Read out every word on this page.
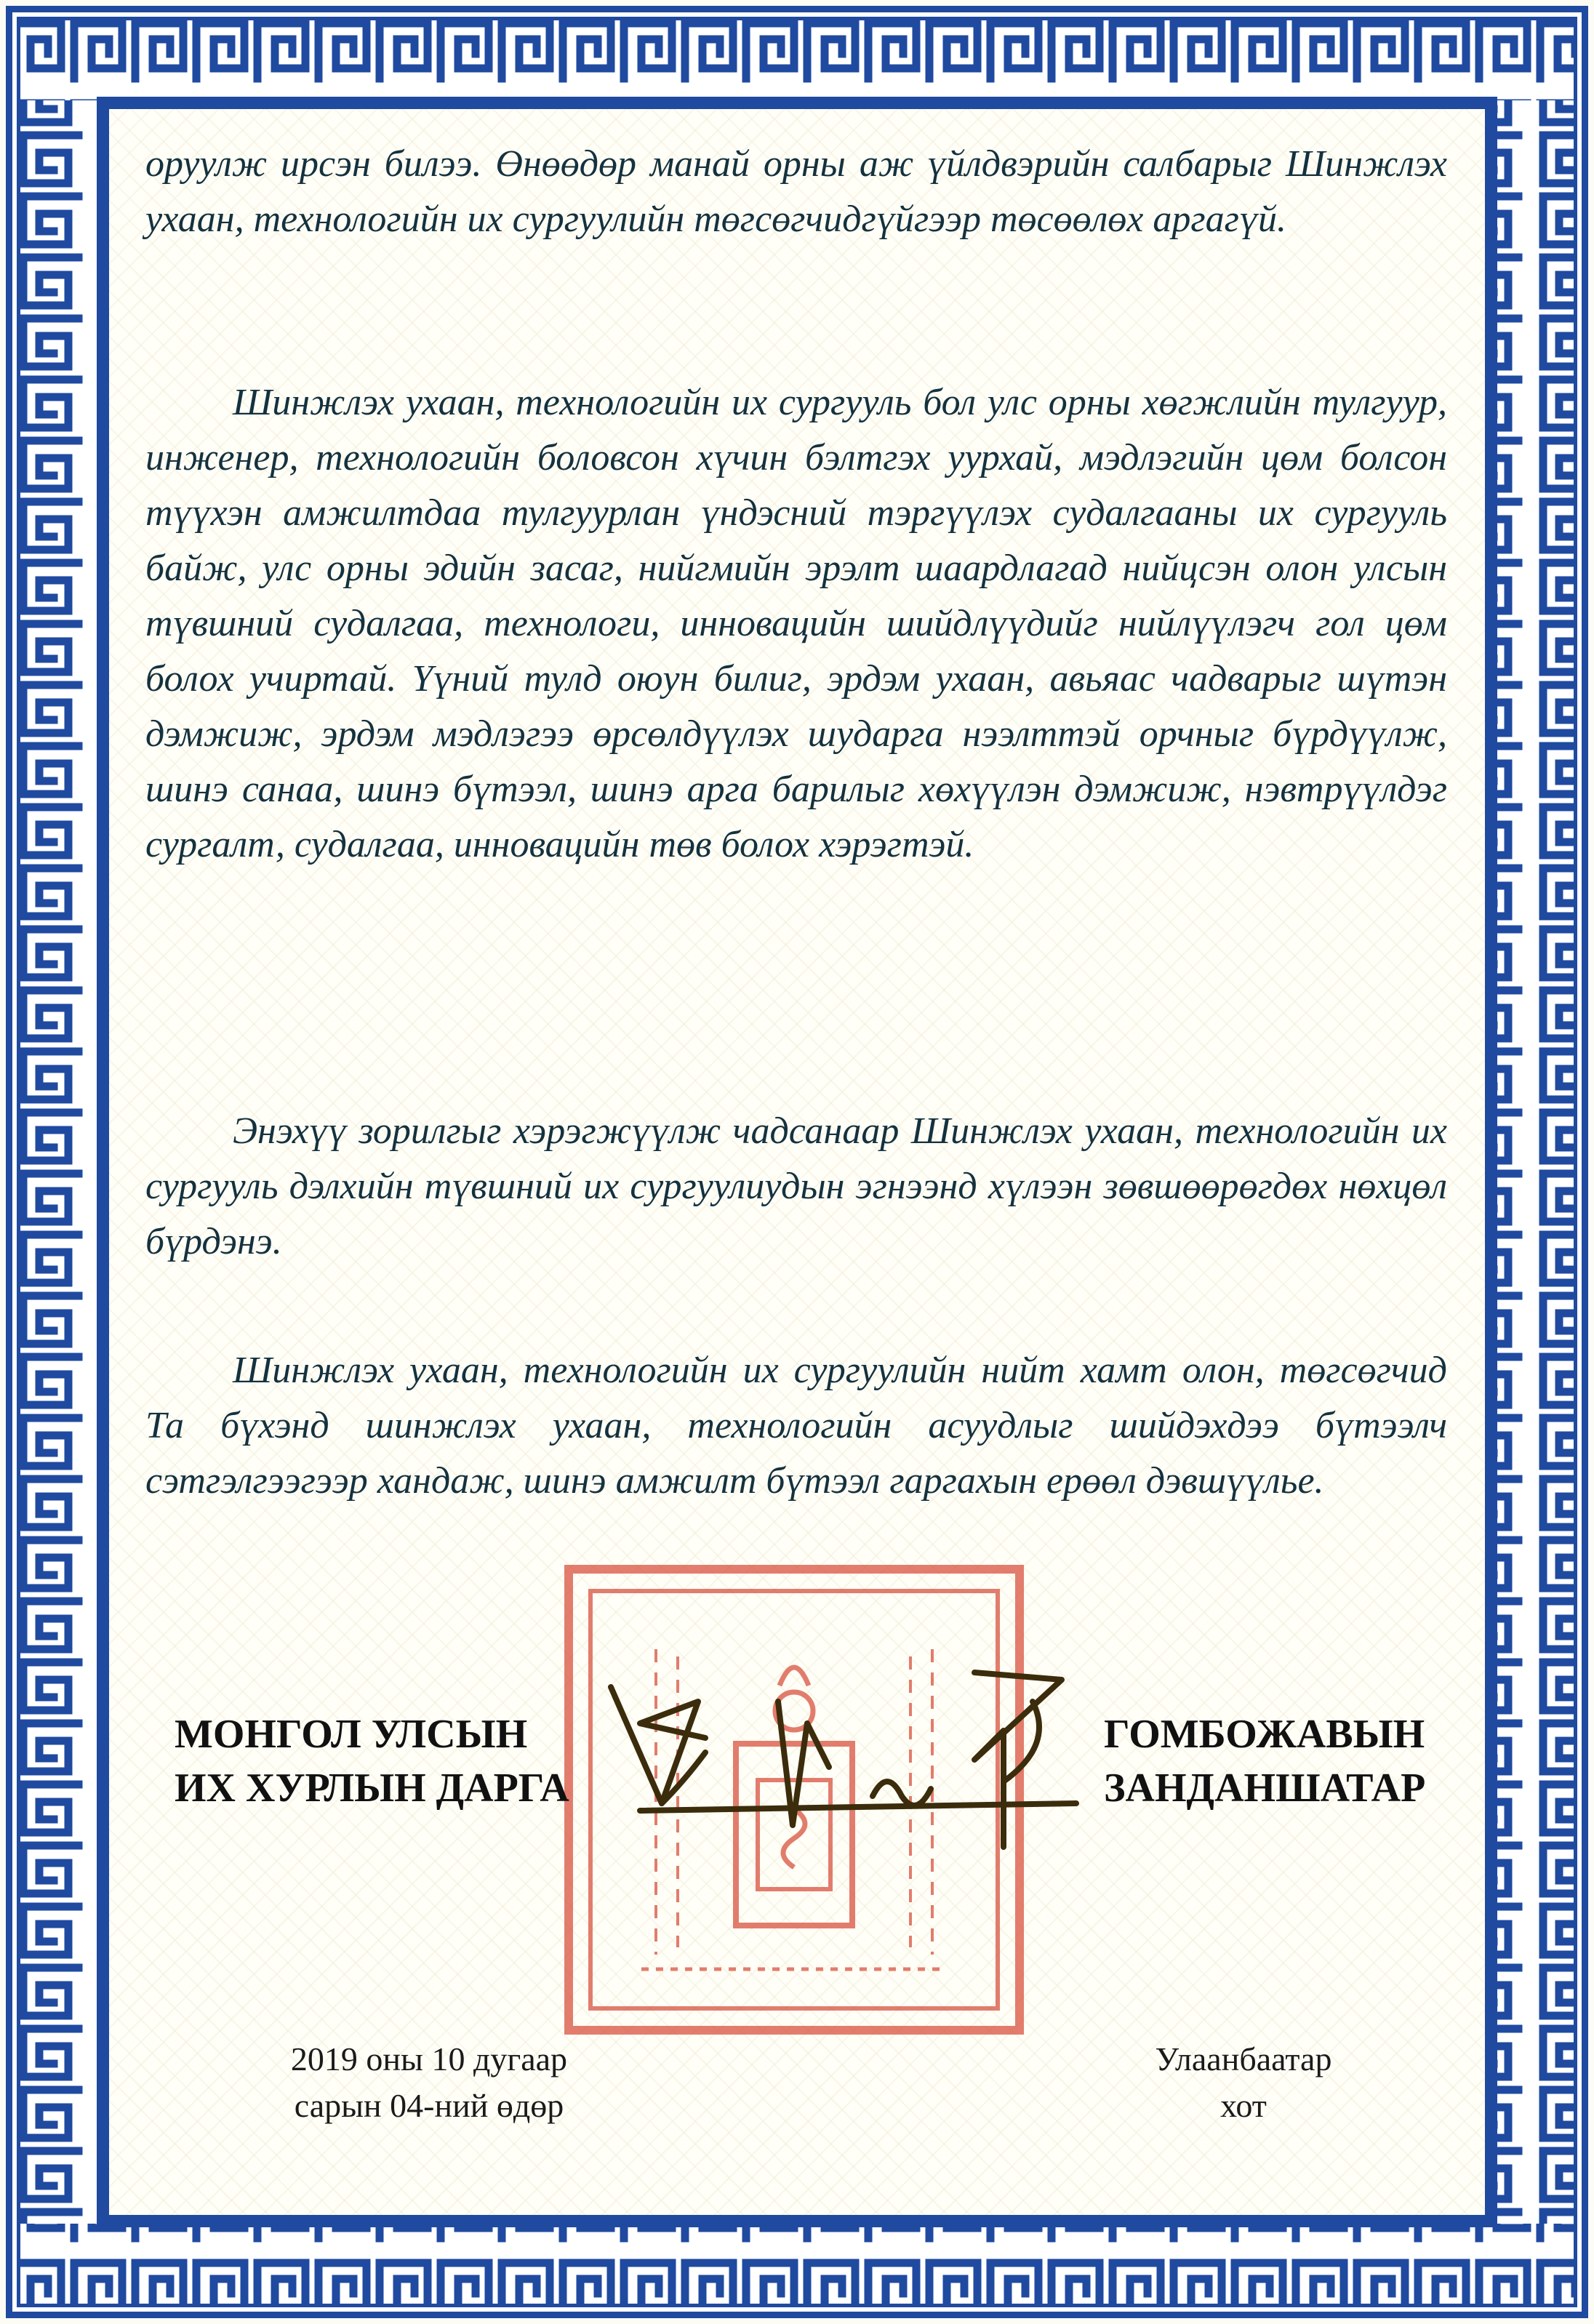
оруулж ирсэн билээ. Өнөөдөр манай орны аж үйлдвэрийн салбарыг Шинжлэх ухаан, технологийн их сургуулийн төгсөгчидгүйгээр төсөөлөх аргагүй.

Шинжлэх ухаан, технологийн их сургууль бол улс орны хөгжлийн тулгуур, инженер, технологийн боловсон хүчин бэлтгэх уурхай, мэдлэгийн цөм болсон түүхэн амжилтдаа тулгуурлан үндэсний тэргүүлэх судалгааны их сургууль байж, улс орны эдийн засаг, нийгмийн эрэлт шаардлагад нийцсэн олон улсын түвшний судалгаа, технологи, инновацийн шийдлүүдийг нийлүүлэгч гол цөм болох учиртай. Үүний тулд оюун билиг, эрдэм ухаан, авьяас чадварыг шүтэн дэмжиж, эрдэм мэдлэгээ өрсөлдүүлэх шударга нээлттэй орчныг бүрдүүлж, шинэ санаа, шинэ бүтээл, шинэ арга барилыг хөхүүлэн дэмжиж, нэвтрүүлдэг сургалт, судалгаа, инновацийн төв болох хэрэгтэй.

Энэхүү зорилгыг хэрэгжүүлж чадсанаар Шинжлэх ухаан, технологийн их сургууль дэлхийн түвшний их сургуулиудын эгнээнд хүлээн зөвшөөрөгдөх нөхцөл бүрдэнэ.

Шинжлэх ухаан, технологийн их сургуулийн нийт хамт олон, төгсөгчид Та бүхэнд шинжлэх ухаан, технологийн асуудлыг шийдэхдээ бүтээлч сэтгэлгээгээр хандаж, шинэ амжилт бүтээл гаргахын ерөөл дэвшүүлье.

МОНГОЛ УЛСЫН
ИХ ХУРЛЫН ДАРГА
ГОМБОЖАВЫН
ЗАНДАНШАТАР
2019 оны 10 дугаар
сарын 04-ний өдөр
Улаанбаатар
хот
